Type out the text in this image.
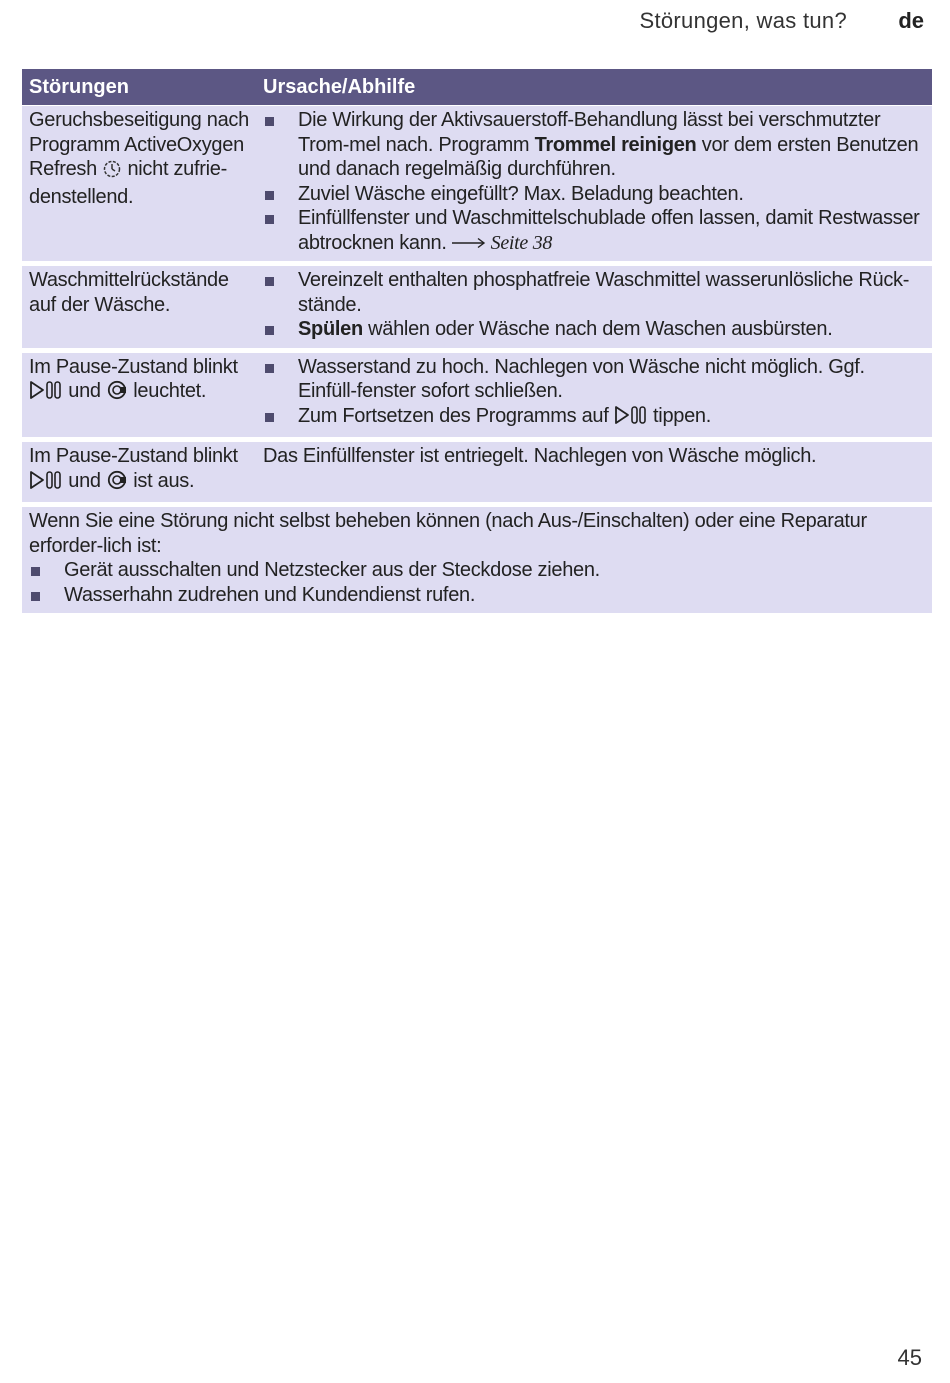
Störungen, was tun?	de
Störungen	Ursache/Abhilfe
Geruchsbeseitigung nach Programm ActiveOxygen Refresh nicht zufrie-denstellend.
Die Wirkung der Aktivsauerstoff-Behandlung lässt bei verschmutzter Trom-mel nach. Programm Trommel reinigen vor dem ersten Benutzen und danach regelmäßig durchführen.
Zuviel Wäsche eingefüllt? Max. Beladung beachten.
Einfüllfenster und Waschmittelschublade offen lassen, damit Restwasser abtrocknen kann. Seite 38
Waschmittelrückstände auf der Wäsche.
Vereinzelt enthalten phosphatfreie Waschmittel wasserunlösliche Rück-stände.
Spülen wählen oder Wäsche nach dem Waschen ausbürsten.
Im Pause-Zustand blinkt
und leuchtet.
Wasserstand zu hoch. Nachlegen von Wäsche nicht möglich. Ggf. Einfüll-fenster sofort schließen.
Zum Fortsetzen des Programms auf tippen.
Im Pause-Zustand blinkt
und ist aus.
Das Einfüllfenster ist entriegelt. Nachlegen von Wäsche möglich.
Wenn Sie eine Störung nicht selbst beheben können (nach Aus-/Einschalten) oder eine Reparatur erforder-lich ist:
Gerät ausschalten und Netzstecker aus der Steckdose ziehen.
Wasserhahn zudrehen und Kundendienst rufen.
45
